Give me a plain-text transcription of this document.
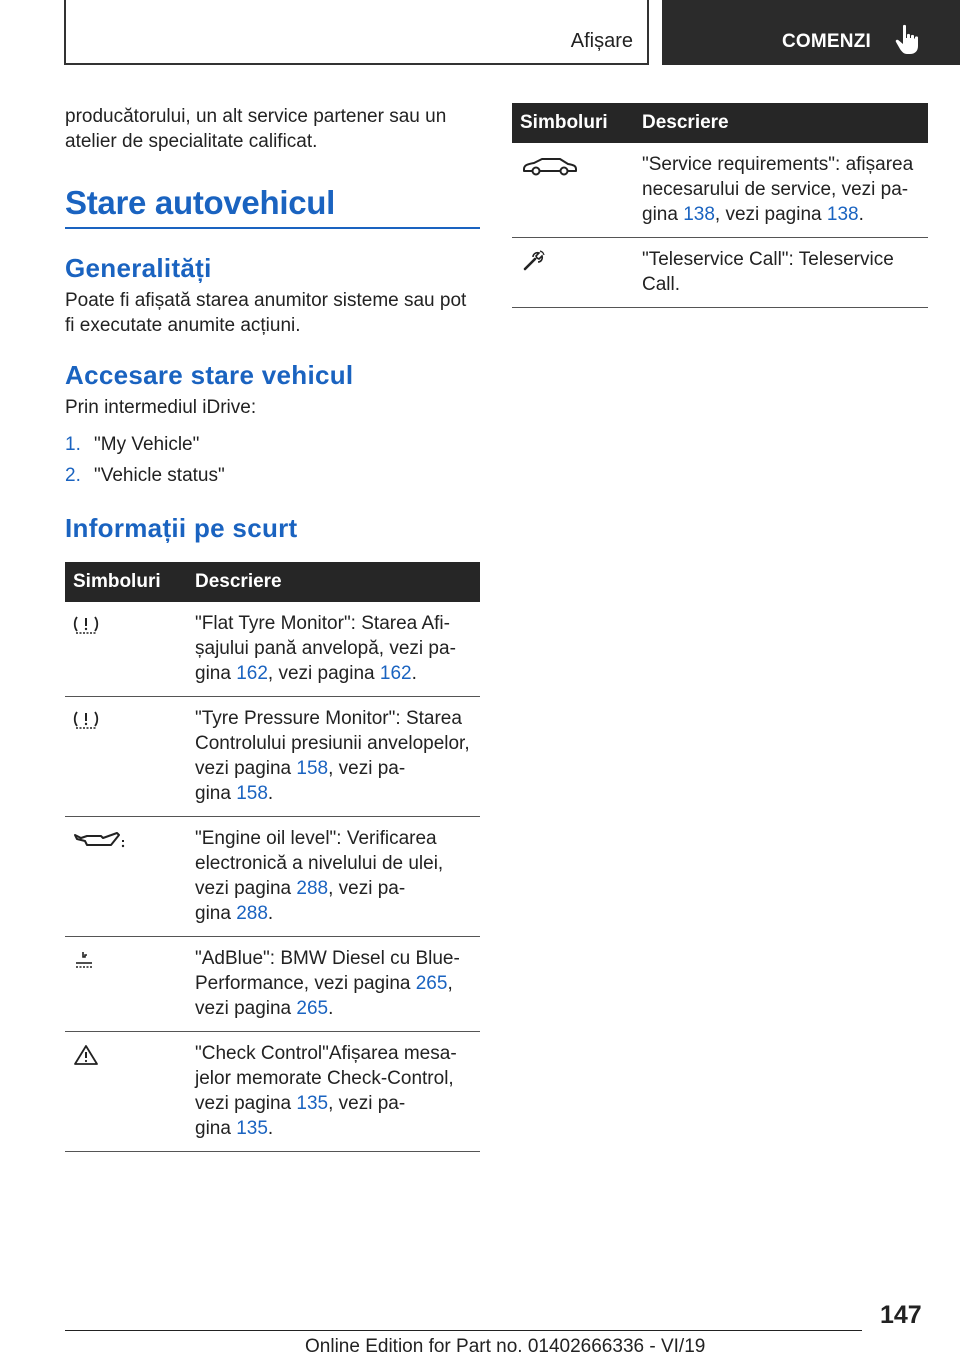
Afișare	COMENZI

producătorului, un alt service partener sau un atelier de specialitate calificat.

Stare autovehicul
Generalități

Poate fi afișată starea anumitor sisteme sau pot fi executate anumite acțiuni.

Accesare stare vehicul

Prin intermediul iDrive:

1. "My Vehicle"
2. "Vehicle status"
Informații pe scurt
Simboluri	Descriere
	"Flat Tyre Monitor": Starea Afi-
șajului pană anvelopă, vezi pa-
gina 162, vezi pagina 162.
	"Tyre Pressure Monitor": Starea
Controlului presiunii anvelopelor,
vezi pagina 158, vezi pa-
gina 158.
	"Engine oil level": Verificarea
electronică a nivelului de ulei,
vezi pagina 288, vezi pa-
gina 288.
	"AdBlue": BMW Diesel cu Blue-
Performance, vezi pagina 265,
vezi pagina 265.
	"Check Control"Afișarea mesa-
jelor memorate Check-Control,
vezi pagina 135, vezi pa-
gina 135.
Simboluri	Descriere
	"Service requirements": afișarea
necesarului de service, vezi pa-
gina 138, vezi pagina 138.
	"Teleservice Call": Teleservice
Call.
147
Online Edition for Part no. 01402666336 - VI/19
